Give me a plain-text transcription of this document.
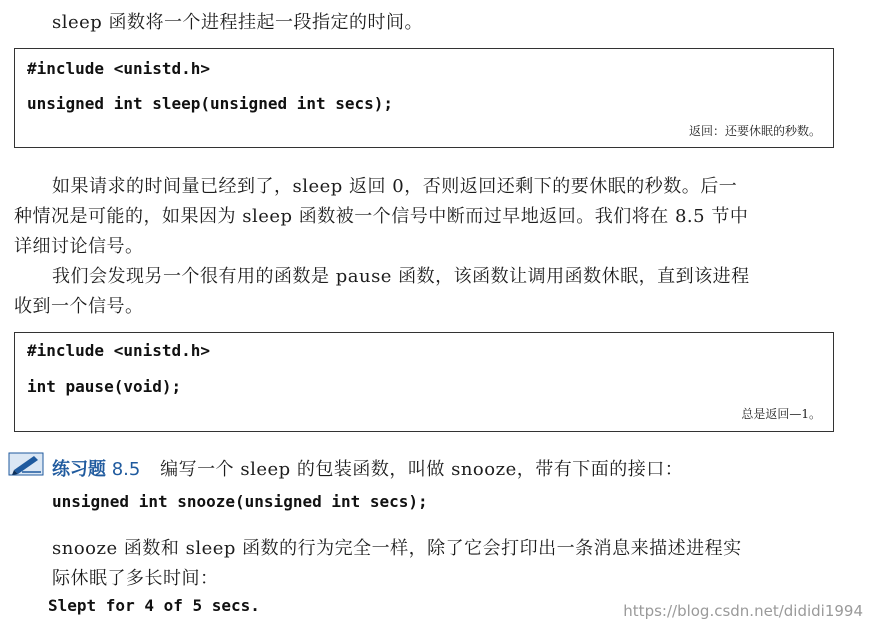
sleep 函数将一个进程挂起一段指定的时间。
#include <unistd.h>
unsigned int sleep(unsigned int secs);
返回：还要休眠的秒数。
如果请求的时间量已经到了，sleep 返回 0，否则返回还剩下的要休眠的秒数。后一
种情况是可能的，如果因为 sleep 函数被一个信号中断而过早地返回。我们将在 8.5 节中
详细讨论信号。
我们会发现另一个很有用的函数是 pause 函数，该函数让调用函数休眠，直到该进程
收到一个信号。
#include <unistd.h>
int pause(void);
总是返回—1。
练习题 8.5 编写一个 sleep 的包装函数，叫做 snooze，带有下面的接口：
unsigned int snooze(unsigned int secs);
snooze 函数和 sleep 函数的行为完全一样，除了它会打印出一条消息来描述进程实
际休眠了多长时间：
Slept for 4 of 5 secs.	https://blog.csdn.net/dididi1994
